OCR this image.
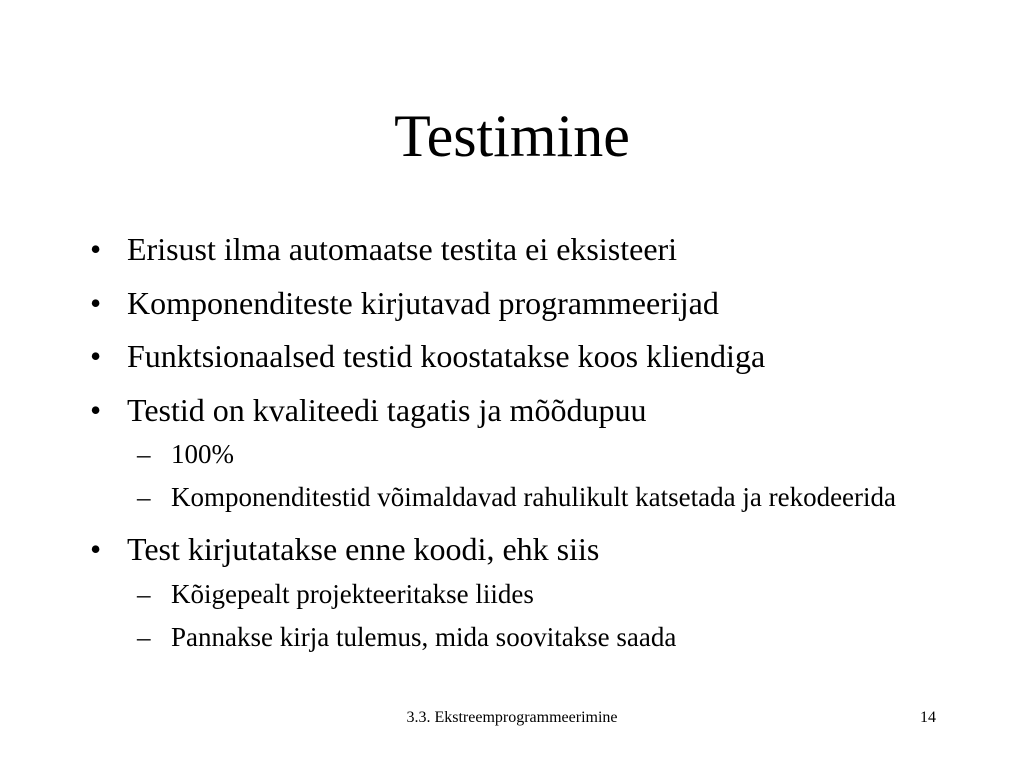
Testimine
• Erisust ilma automaatse testita ei eksisteeri
• Komponenditeste kirjutavad programmeerijad
• Funktsionaalsed testid koostatakse koos kliendiga
• Testid on kvaliteedi tagatis ja mõõdupuu
– 100%
– Komponenditestid võimaldavad rahulikult katsetada ja rekodeerida
• Test kirjutatakse enne koodi, ehk siis
– Kõigepealt projekteeritakse liides
– Pannakse kirja tulemus, mida soovitakse saada
3.3. Ekstreemprogrammeerimine	14
